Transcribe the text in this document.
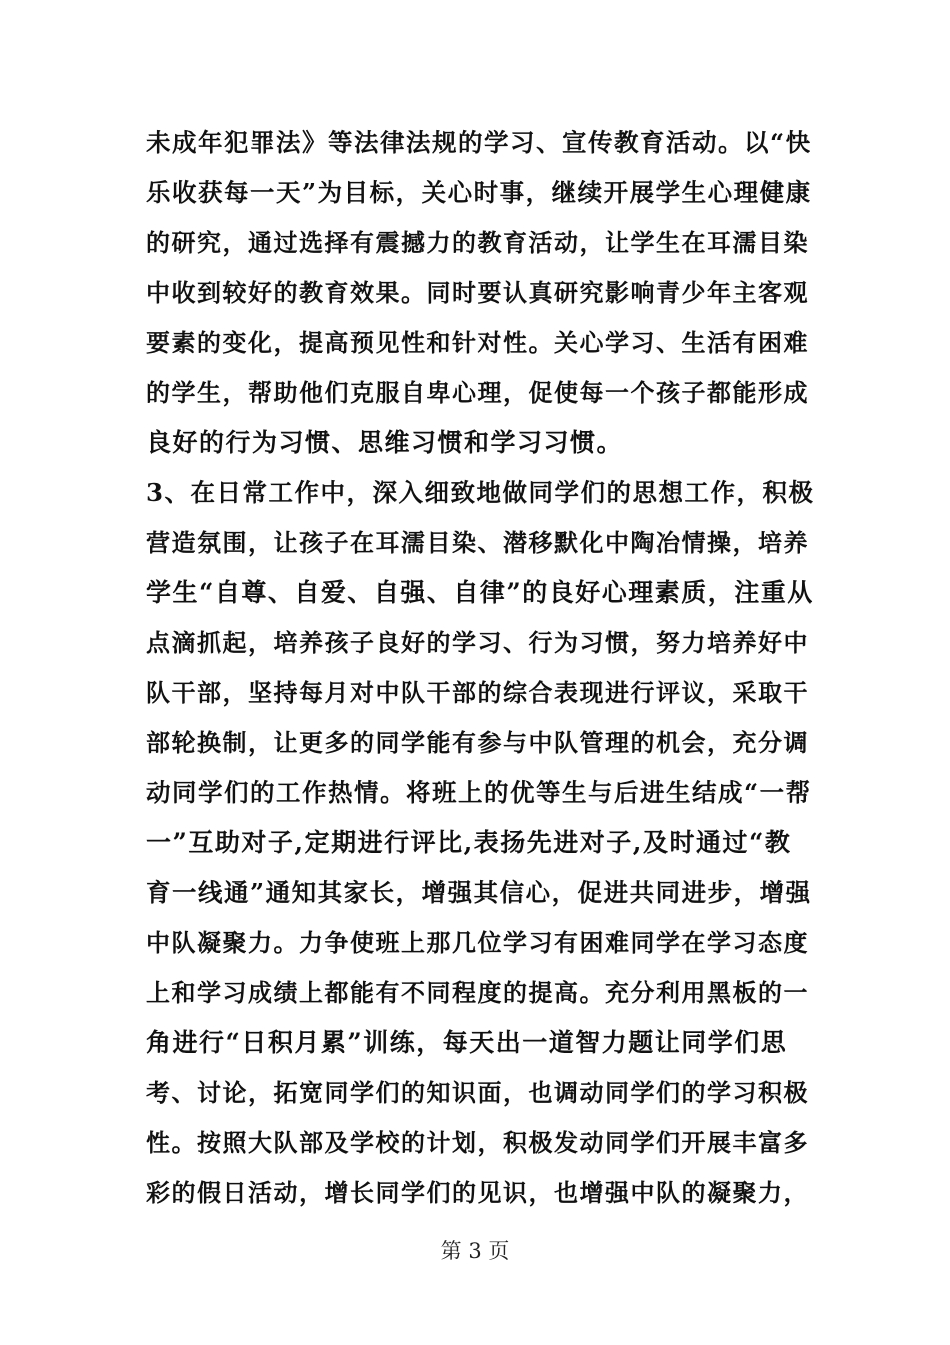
未成年犯罪法》等法律法规的学习、宣传教育活动。以“快
乐收获每一天”为目标，关心时事，继续开展学生心理健康
的研究，通过选择有震撼力的教育活动，让学生在耳濡目染
中收到较好的教育效果。同时要认真研究影响青少年主客观
要素的变化，提高预见性和针对性。关心学习、生活有困难
的学生，帮助他们克服自卑心理，促使每一个孩子都能形成
良好的行为习惯、思维习惯和学习习惯。
3、在日常工作中，深入细致地做同学们的思想工作，积极
营造氛围，让孩子在耳濡目染、潜移默化中陶冶情操，培养
学生“自尊、自爱、自强、自律”的良好心理素质，注重从
点滴抓起，培养孩子良好的学习、行为习惯，努力培养好中
队干部，坚持每月对中队干部的综合表现进行评议，采取干
部轮换制，让更多的同学能有参与中队管理的机会，充分调
动同学们的工作热情。将班上的优等生与后进生结成“一帮
一”互助对子,定期进行评比,表扬先进对子,及时通过“教
育一线通”通知其家长，增强其信心，促进共同进步，增强
中队凝聚力。力争使班上那几位学习有困难同学在学习态度
上和学习成绩上都能有不同程度的提高。充分利用黑板的一
角进行“日积月累”训练，每天出一道智力题让同学们思
考、讨论，拓宽同学们的知识面，也调动同学们的学习积极
性。按照大队部及学校的计划，积极发动同学们开展丰富多
彩的假日活动，增长同学们的见识，也增强中队的凝聚力，
第 3 页
